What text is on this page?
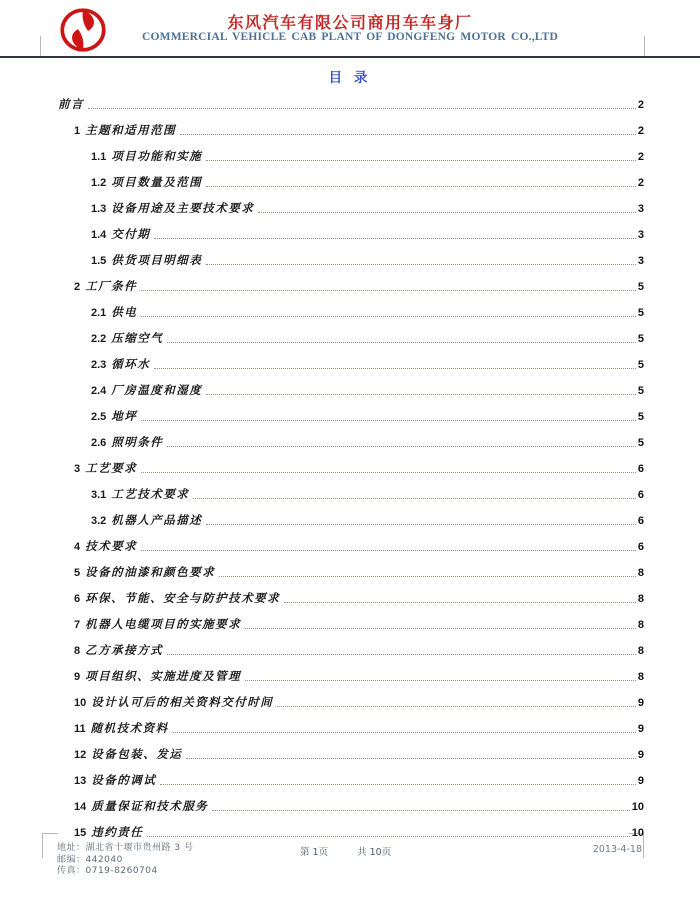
东风汽车有限公司商用车车身厂
COMMERCIAL VEHICLE CAB PLANT OF DONGFENG MOTOR CO.,LTD
目 录
前言	2
1 主题和适用范围	2
1.1 项目功能和实施	2
1.2 项目数量及范围	2
1.3 设备用途及主要技术要求	3
1.4 交付期	3
1.5 供货项目明细表	3
2 工厂条件	5
2.1 供电	5
2.2 压缩空气	5
2.3 循环水	5
2.4 厂房温度和湿度	5
2.5 地坪	5
2.6 照明条件	5
3 工艺要求	6
3.1 工艺技术要求	6
3.2 机器人产品描述	6
4 技术要求	6
5 设备的油漆和颜色要求	8
6 环保、节能、安全与防护技术要求	8
7 机器人电缆项目的实施要求	8
8 乙方承接方式	8
9 项目组织、实施进度及管理	8
10 设计认可后的相关资料交付时间	9
11 随机技术资料	9
12 设备包装、发运	9
13 设备的调试	9
14 质量保证和技术服务	10
15 违约责任	10
地址：湖北省十堰市贵州路 3 号
邮编：442040
传真：0719-8260704
第 1页	共 10页	2013-4-18
